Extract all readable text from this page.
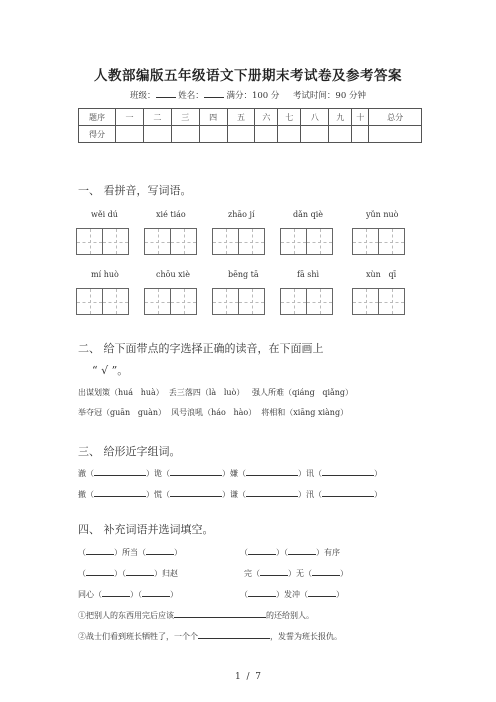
人教部编版五年级语文下册期末考试卷及参考答案
班级：	姓名：	满分：100 分 考试时间：90 分钟
题序	一	二	三	四	五	六	七	八	九	十	总分
得分											
一、 看拼音，写词语。
wěi dú	xié tiáo	zhāo jí	dǎn qiè	yǔn nuò
mí huò	chōu xiè	bēng tā	fā shì	xùn   qī
二、 给下面带点的字选择正确的读音，在下面画上
“ √ ”。
出谋划策（huá   huà）  丢三落四（là   luò）   强人所难（qiáng   qiǎng）
举夺冠（guān   guàn）  风号浪吼（háo   hào）  将相和（xiāng xiàng）
三、 给形近字组词。
澈（	）诡（	）嫌（	）讯（	）
撤（	）慌（	）谦（	）汛（	）
四、 补充词语并选词填空。
（	）所当（	）	（	）（	）有序
（	）（	）归赵	完（	）无（	）
同心（	）（	）	（	）发冲（	）
①把别人的东西用完后应该	的还给别人。
②战士们看到班长牺牲了，一个个	，发誓为班长报仇。
1  /  7
